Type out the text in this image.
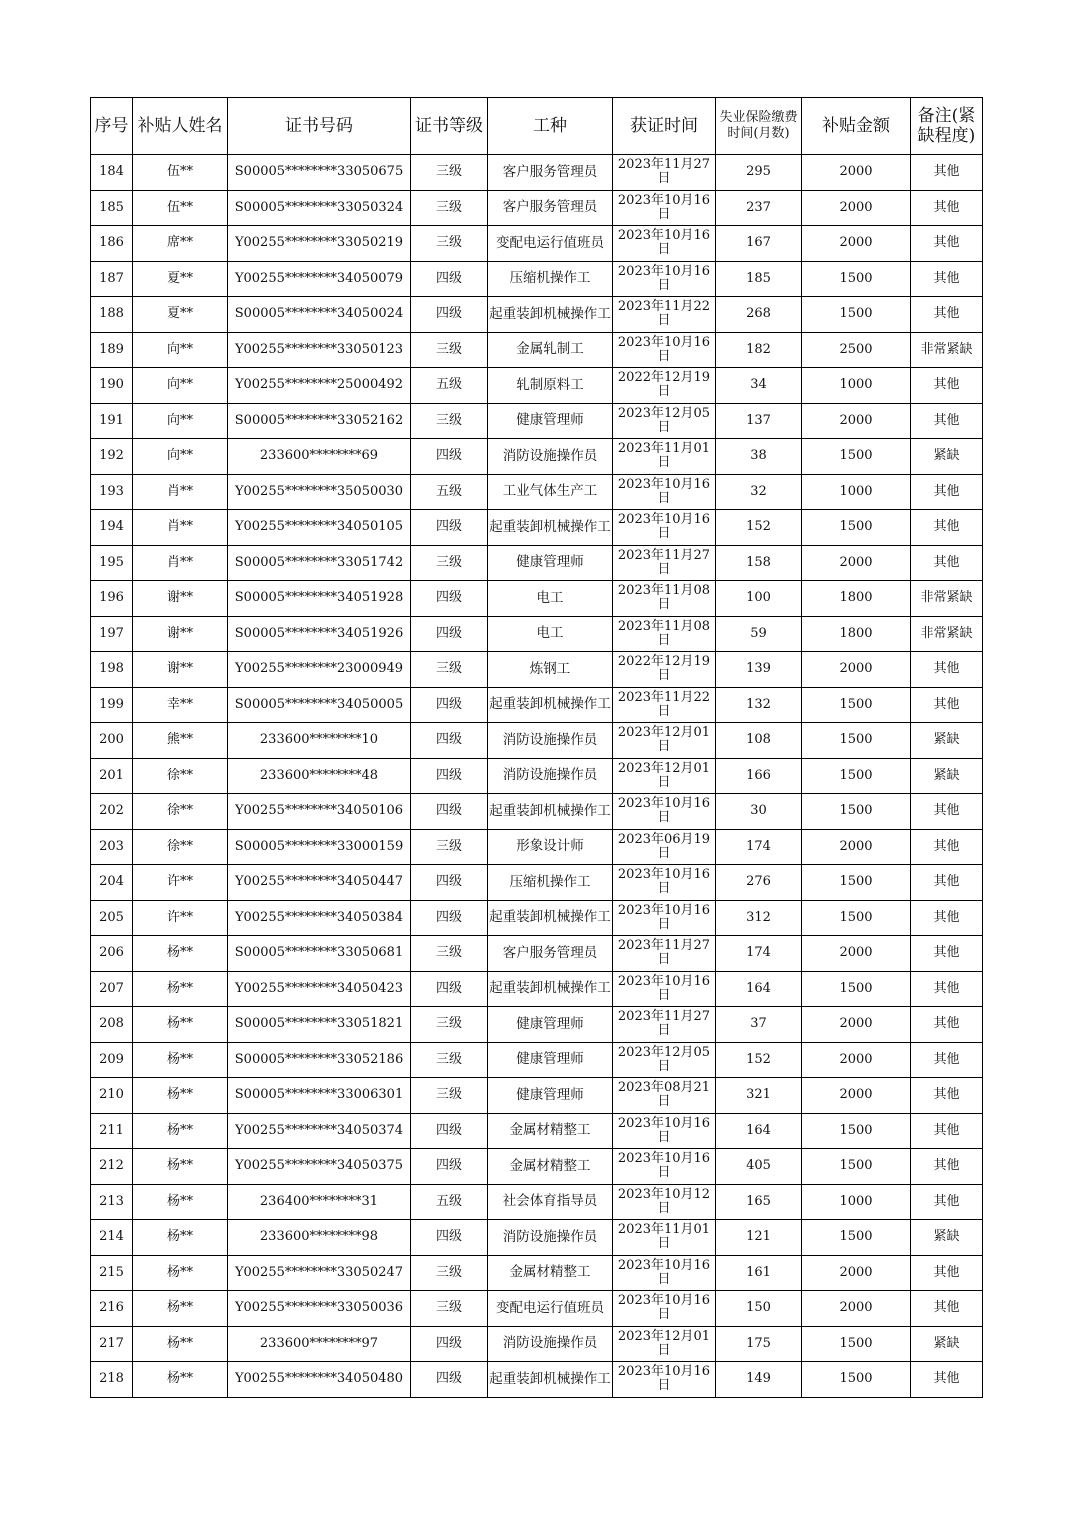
序号	补贴人姓名	证书号码	证书等级	工种	获证时间	失业保险缴费时间(月数)	补贴金额	备注(紧缺程度)
184	伍**	S00005********33050675	三级	客户服务管理员	2023年11月27日	295	2000	其他
185	伍**	S00005********33050324	三级	客户服务管理员	2023年10月16日	237	2000	其他
186	席**	Y00255********33050219	三级	变配电运行值班员	2023年10月16日	167	2000	其他
187	夏**	Y00255********34050079	四级	压缩机操作工	2023年10月16日	185	1500	其他
188	夏**	S00005********34050024	四级	起重装卸机械操作工	2023年11月22日	268	1500	其他
189	向**	Y00255********33050123	三级	金属轧制工	2023年10月16日	182	2500	非常紧缺
190	向**	Y00255********25000492	五级	轧制原料工	2022年12月19日	34	1000	其他
191	向**	S00005********33052162	三级	健康管理师	2023年12月05日	137	2000	其他
192	向**	233600********69	四级	消防设施操作员	2023年11月01日	38	1500	紧缺
193	肖**	Y00255********35050030	五级	工业气体生产工	2023年10月16日	32	1000	其他
194	肖**	Y00255********34050105	四级	起重装卸机械操作工	2023年10月16日	152	1500	其他
195	肖**	S00005********33051742	三级	健康管理师	2023年11月27日	158	2000	其他
196	谢**	S00005********34051928	四级	电工	2023年11月08日	100	1800	非常紧缺
197	谢**	S00005********34051926	四级	电工	2023年11月08日	59	1800	非常紧缺
198	谢**	Y00255********23000949	三级	炼钢工	2022年12月19日	139	2000	其他
199	幸**	S00005********34050005	四级	起重装卸机械操作工	2023年11月22日	132	1500	其他
200	熊**	233600********10	四级	消防设施操作员	2023年12月01日	108	1500	紧缺
201	徐**	233600********48	四级	消防设施操作员	2023年12月01日	166	1500	紧缺
202	徐**	Y00255********34050106	四级	起重装卸机械操作工	2023年10月16日	30	1500	其他
203	徐**	S00005********33000159	三级	形象设计师	2023年06月19日	174	2000	其他
204	许**	Y00255********34050447	四级	压缩机操作工	2023年10月16日	276	1500	其他
205	许**	Y00255********34050384	四级	起重装卸机械操作工	2023年10月16日	312	1500	其他
206	杨**	S00005********33050681	三级	客户服务管理员	2023年11月27日	174	2000	其他
207	杨**	Y00255********34050423	四级	起重装卸机械操作工	2023年10月16日	164	1500	其他
208	杨**	S00005********33051821	三级	健康管理师	2023年11月27日	37	2000	其他
209	杨**	S00005********33052186	三级	健康管理师	2023年12月05日	152	2000	其他
210	杨**	S00005********33006301	三级	健康管理师	2023年08月21日	321	2000	其他
211	杨**	Y00255********34050374	四级	金属材精整工	2023年10月16日	164	1500	其他
212	杨**	Y00255********34050375	四级	金属材精整工	2023年10月16日	405	1500	其他
213	杨**	236400********31	五级	社会体育指导员	2023年10月12日	165	1000	其他
214	杨**	233600********98	四级	消防设施操作员	2023年11月01日	121	1500	紧缺
215	杨**	Y00255********33050247	三级	金属材精整工	2023年10月16日	161	2000	其他
216	杨**	Y00255********33050036	三级	变配电运行值班员	2023年10月16日	150	2000	其他
217	杨**	233600********97	四级	消防设施操作员	2023年12月01日	175	1500	紧缺
218	杨**	Y00255********34050480	四级	起重装卸机械操作工	2023年10月16日	149	1500	其他
